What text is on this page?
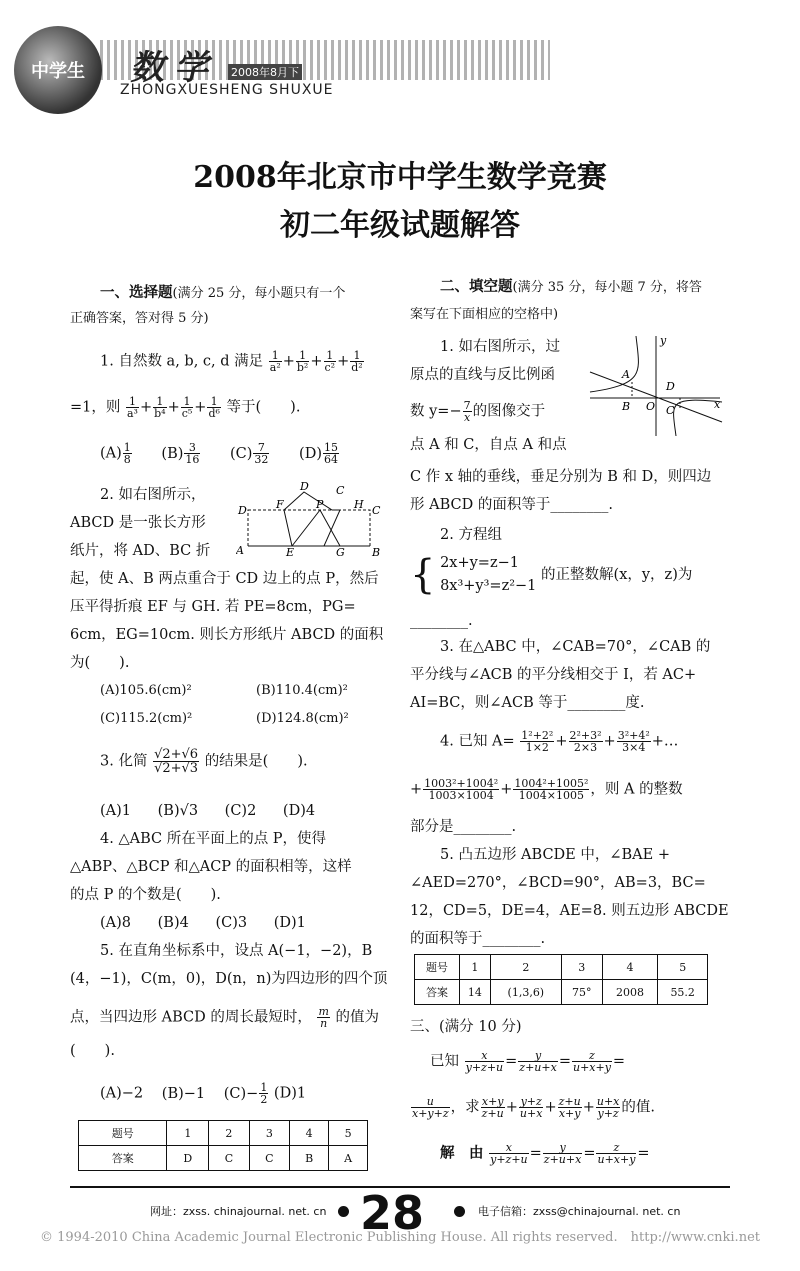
中学生 数学 2008年8月下
ZHONGXUESHENG SHUXUE
2008年北京市中学生数学竞赛
初二年级试题解答
一、选择题(满分 25 分，每小题只有一个
正确答案，答对得 5 分)
1. 自然数 a, b, c, d 满足 $\frac{1}{\text{a²}} + \frac{1}{\text{b²}} + \frac{1}{\text{c²}} + \frac{1}{\text{d²}}$
=1，则 $\frac{1}{\text{a³}} + \frac{1}{\text{b⁴}} + \frac{1}{\text{c⁵}} + \frac{1}{\text{d⁶}}$ 等于(　　).
$(A) \frac{1}{8} (B) \frac{3}{16} (C) \frac{7}{32} (D) \frac{15}{64}$
2. 如右图所示，
ABCD 是一张长方形
纸片，将 AD、BC 折
D
A
F
D
P
C
H C
E	G B
起，使 A、B 两点重合于 CD 边上的点 P，然后
压平得折痕 EF 与 GH. 若 PE=8cm，PG=
6cm，EG=10cm. 则长方形纸片 ABCD 的面积
为(　　).
(A)105.6(cm)²	(B)110.4(cm)²
(C)115.2(cm)²	(D)124.8(cm)²
3. 化简 $\frac{√2+√6}{√2+√3}$ 的结果是(　　).
(A)1 (B)√3 (C)2 (D)4
4. △ABC 所在平面上的点 P，使得
△ABP、△BCP 和△ACP 的面积相等，这样
的点 P 的个数是(　　).
(A)8 (B)4 (C)3 (D)1
5. 在直角坐标系中，设点 A(−1，−2)，B
(4，−1)，C(m，0)，D(n，n)为四边形的四个顶
点，当四边形 ABCD 的周长最短时， $\frac{m}{n}$ 的值为
(　　).
(A)−2 (B)−1 $(C)- \frac{1}{2} (D)1$
题号	1	2	3	4	5
答案	D	C	C	B	A
二、填空题(满分 35 分，每小题 7 分，将答
案写在下面相应的空格中)
1. 如右图所示，过
原点的直线与反比例函
数 $y=- \frac{7}{x}$ 的图像交于
点 A 和 C，自点 A 和点
y
x
A
B O
D
C
C 作 x 轴的垂线，垂足分别为 B 和 D，则四边
形 ABCD 的面积等于________.
2. 方程组
{ 2x+y=z−1
8x³+y³=z²−1
的正整数解(x，y，z)为
________.
3. 在△ABC 中，∠CAB=70°，∠CAB 的
平分线与∠ACB 的平分线相交于 I，若 AC+
AI=BC，则∠ACB 等于________度.
4. 已知 $A= \frac{\text{1²+2²}}{1\times 2} + \frac{\text{2²+3²}}{2\times 3} + \frac{\text{3²+4²}}{3\times 4}$ +…
+ $\frac{\text{1003²+1004²}}{1003\times 1004} + \frac{\text{1004²+1005²}}{1004\times 1005}$ ，则 A 的整数
部分是________.
5. 凸五边形 ABCDE 中，∠BAE +
∠AED=270°，∠BCD=90°，AB=3，BC=
12，CD=5，DE=4，AE=8. 则五边形 ABCDE
的面积等于________.
题号	1	2	3	4	5
答案	14	(1,3,6)	75°	2008	55.2
三、(满分 10 分)
已知 $\frac{x}{y+z+u} = \frac{y}{z+u+x} = \frac{z}{u+x+y}$ =
$\frac{u}{x+y+z}$ ，求 $\frac{x+y}{z+u} + \frac{y+z}{u+x} + \frac{z+u}{x+y} + \frac{u+x}{y+z}$ 的值.
解　由 $\frac{x}{y+z+u} = \frac{y}{z+u+x} = \frac{z}{u+x+y}$ =
网址：zxss. chinajournal. net. cn 28	电子信箱：zxss@chinajournal. net. cn
© 1994-2010 China Academic Journal Electronic Publishing House. All rights reserved.　http://www.cnki.net
